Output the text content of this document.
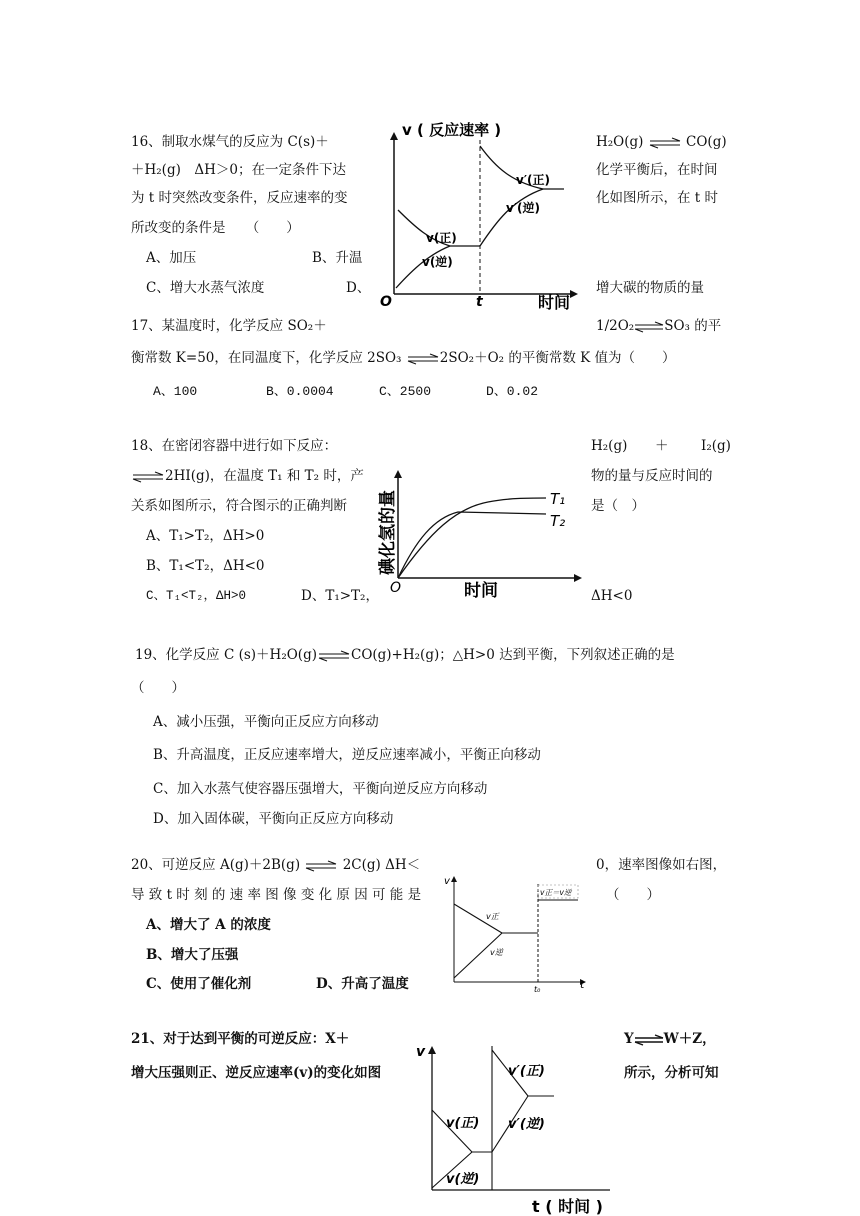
16、制取水煤气的反应为 C(s)＋	H₂O(g) ⇌ CO(g)
＋H₂(g)　ΔH＞0；在一定条件下达	化学平衡后，在时间
为 t 时突然改变条件，反应速率的变	化如图所示，在 t 时
所改变的条件是　　（　　）
A、加压	B、升温
C、增大水蒸气浓度	D、	增大碳的物质的量
v ( 反应速率 )
O	t	时间
v(正)
v(逆)
v′(正)
v′(逆)
17、某温度时，化学反应 SO₂＋	1/2O₂⇌SO₃ 的平
衡常数 K=50，在同温度下，化学反应 2SO₃ ⇌2SO₂＋O₂ 的平衡常数 K 值为（　　）
A、100	B、0.0004	C、2500	D、0.02
18、在密闭容器中进行如下反应：	H₂(g) ＋ I₂(g)
⇌2HI(g)，在温度 T₁ 和 T₂ 时，产	物的量与反应时间的
关系如图所示，符合图示的正确判断	是（　）
A、T₁>T₂，ΔH>0
B、T₁<T₂，ΔH<0
C、T₁<T₂，ΔH>0	D、T₁>T₂，	ΔH<0
O	时间
碘化氢的量	T₁
T₂
19、化学反应 C (s)＋H₂O(g)⇌CO(g)+H₂(g)；△H>0 达到平衡，下列叙述正确的是
（　　）
A、减小压强，平衡向正反应方向移动
B、升高温度，正反应速率增大，逆反应速率减小，平衡正向移动
C、加入水蒸气使容器压强增大，平衡向逆反应方向移动
D、加入固体碳，平衡向正反应方向移动
20、可逆反应 A(g)＋2B(g) ⇌ 2C(g) ΔH＜	0，速率图像如右图，
导 致 t 时 刻 的 速 率 图 像 变 化 原 因 可 能 是	（　　）
A、增大了 A 的浓度
B、增大了压强
C、使用了催化剂	D、升高了温度
v
t
t₀
v正
v逆
v正＝v逆
21、对于达到平衡的可逆反应：X＋	Y⇌W＋Z，
增大压强则正、逆反应速率(v)的变化如图	所示，分析可知
v
t ( 时间 )
v(正)
v(逆)
v′(正)
v′(逆)
